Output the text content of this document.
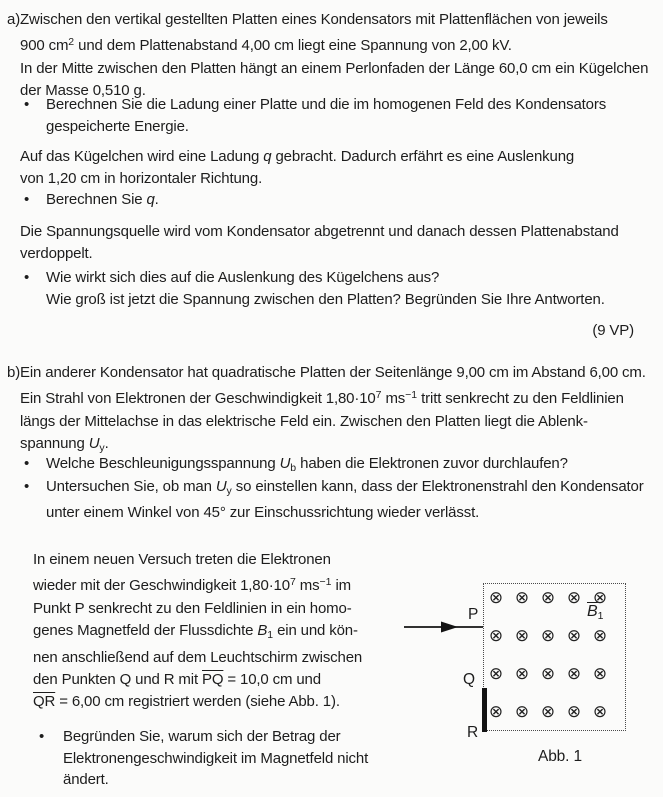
a) Zwischen den vertikal gestellten Platten eines Kondensators mit Plattenflächen von jeweils
900 $cm^2$ und dem Plattenabstand 4,00 cm liegt eine Spannung von 2,00 kV.
In der Mitte zwischen den Platten hängt an einem Perlonfaden der Länge 60,0 cm ein Kügelchen
der Masse 0,510 g.
•	Berechnen Sie die Ladung einer Platte und die im homogenen Feld des Kondensators
gespeicherte Energie.
Auf das Kügelchen wird eine Ladung q gebracht. Dadurch erfährt es eine Auslenkung
von 1,20 cm in horizontaler Richtung.
•	Berechnen Sie q.
Die Spannungsquelle wird vom Kondensator abgetrennt und danach dessen Plattenabstand
verdoppelt.
•	Wie wirkt sich dies auf die Auslenkung des Kügelchens aus?
Wie groß ist jetzt die Spannung zwischen den Platten? Begründen Sie Ihre Antworten.
(9 VP)
b) Ein anderer Kondensator hat quadratische Platten der Seitenlänge 9,00 cm im Abstand 6,00 cm.
Ein Strahl von Elektronen der Geschwindigkeit $1,80\cdot 10^7$ $ms^{-1}$ tritt senkrecht zu den Feldlinien
längs der Mittelachse in das elektrische Feld ein. Zwischen den Platten liegt die Ablenk-
spannung $U_y$.
•	Welche Beschleunigungsspannung $U_b$ haben die Elektronen zuvor durchlaufen?
•	Untersuchen Sie, ob man $U_y$ so einstellen kann, dass der Elektronenstrahl den Kondensator
unter einem Winkel von 45° zur Einschussrichtung wieder verlässt.
In einem neuen Versuch treten die Elektronen
wieder mit der Geschwindigkeit $1,80\cdot 10^7$ $ms^{-1}$ im
Punkt P senkrecht zu den Feldlinien in ein homo-
genes Magnetfeld der Flussdichte $B_1$ ein und kön-
nen anschließend auf dem Leuchtschirm zwischen
den Punkten Q und R mit $\overline{PQ} = 10,0$ cm und
$\overline{QR} = 6,00$ cm registriert werden (siehe Abb. 1).
•	Begründen Sie, warum sich der Betrag der
Elektronengeschwindigkeit im Magnetfeld nicht
ändert.
⊗ ⊗ ⊗ ⊗ ⊗
⊗ ⊗ ⊗ ⊗ ⊗
⊗ ⊗ ⊗ ⊗ ⊗
⊗ ⊗ ⊗ ⊗ ⊗
P
Q
R
$\overline{B}_1$
Abb. 1
